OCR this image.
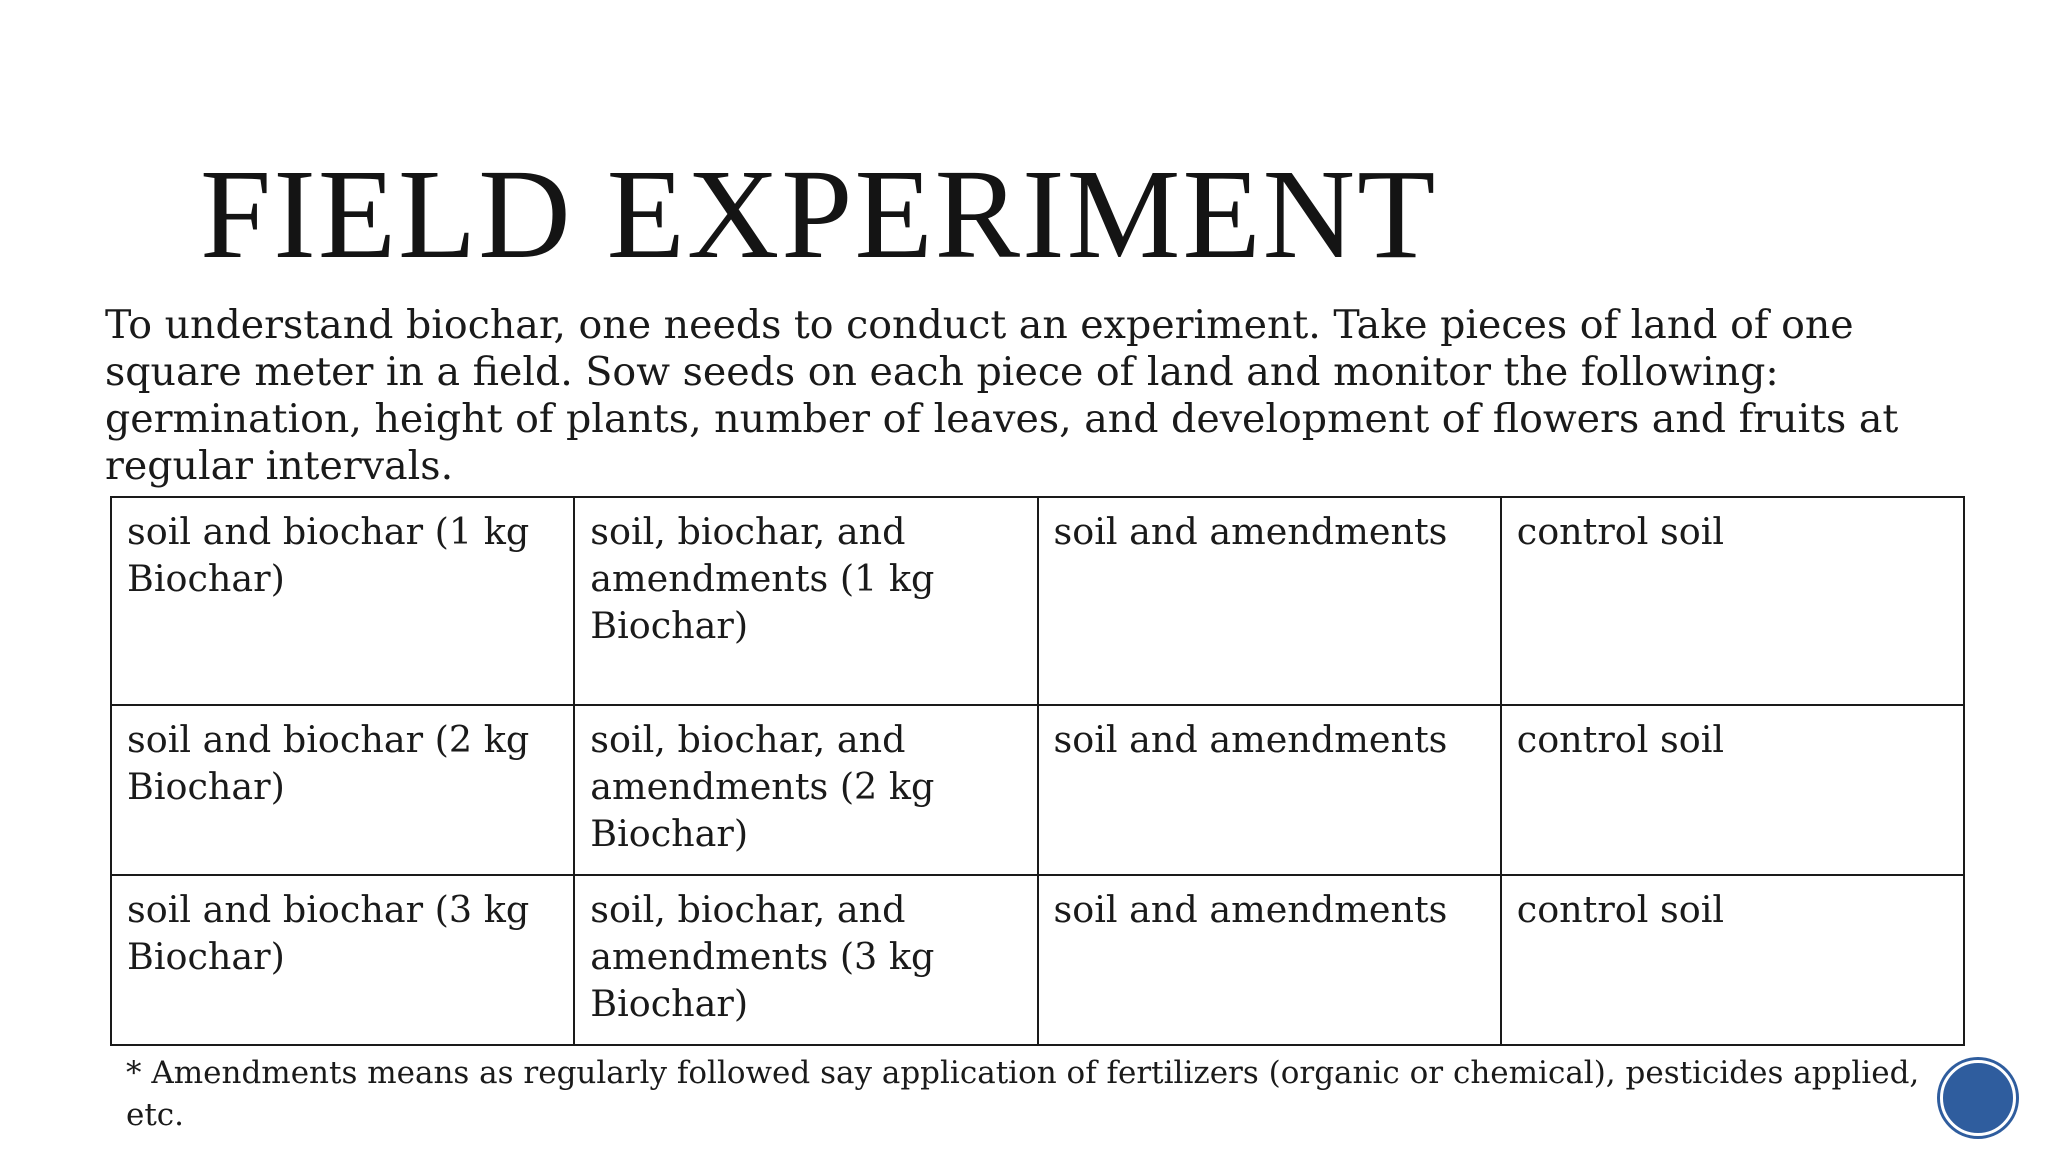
FIELD EXPERIMENT
To understand biochar, one needs to conduct an experiment. Take pieces of land of one
square meter in a field. Sow seeds on each piece of land and monitor the following:
germination, height of plants, number of leaves, and development of flowers and fruits at
regular intervals.
soil and biochar (1 kg Biochar)	soil, biochar, and amendments (1 kg Biochar)	soil and amendments	control soil
soil and biochar (2 kg Biochar)	soil, biochar, and amendments (2 kg Biochar)	soil and amendments	control soil
soil and biochar (3 kg Biochar)	soil, biochar, and amendments (3 kg Biochar)	soil and amendments	control soil

* Amendments means as regularly followed say application of fertilizers (organic or chemical), pesticides applied, etc.
